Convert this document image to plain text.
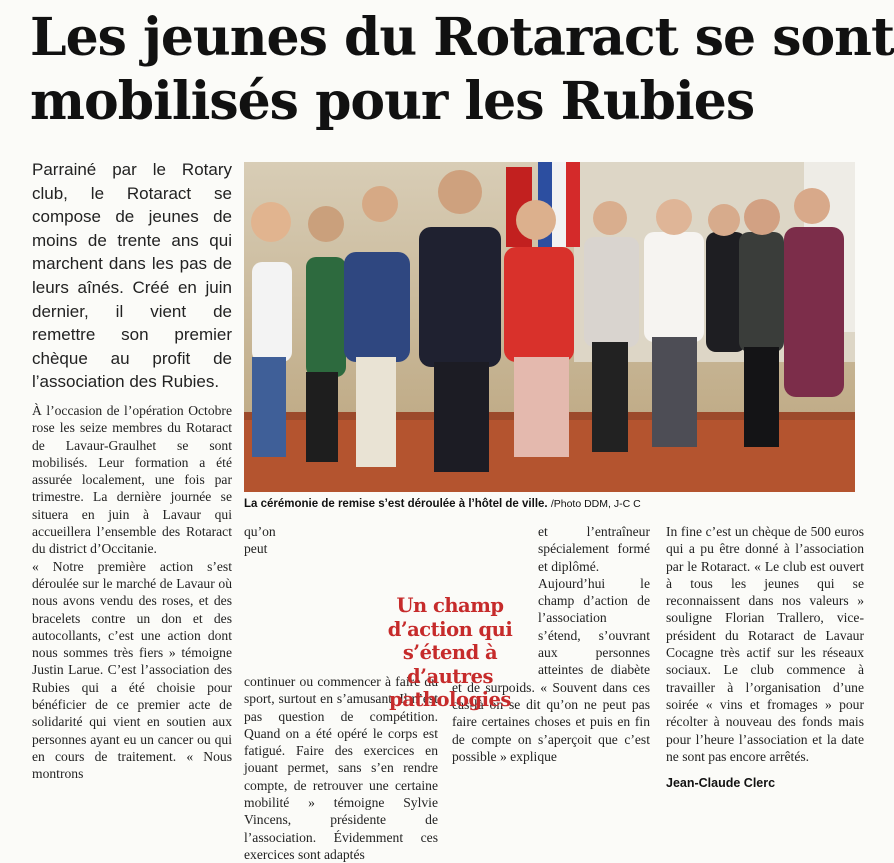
Les jeunes du Rotaract se sont
mobilisés pour les Rubies

Parrainé par le Rotary club, le Rotaract se compose de jeunes de moins de trente ans qui marchent dans les pas de leurs aînés. Créé en juin dernier, il vient de remettre son premier chèque au profit de l’association des Rubies.

La cérémonie de remise s’est déroulée à l’hôtel de ville. /Photo DDM, J-C C

À l’occasion de l’opération Octobre rose les seize membres du Rotaract de Lavaur-Graulhet se sont mobilisés. Leur formation a été assurée localement, une fois par trimestre. La dernière journée se situera en juin à Lavaur qui accueillera l’ensemble des Rotaract du district d’Occitanie.

« Notre première action s’est déroulée sur le marché de Lavaur où nous avons vendu des roses, et des bracelets contre un don et des autocollants, c’est une action dont nous sommes très fiers » témoigne Justin Larue. C’est l’association des Rubies qui a été choisie pour bénéficier de ce premier acte de solidarité qui vient en soutien aux personnes ayant eu un cancer ou qui en cours de traitement. « Nous montrons

qu’on peut continuer ou commencer à faire du sport, surtout en s’amusant. Il n’est pas question de compétition. Quand on a été opéré le corps est fatigué. Faire des exercices en jouant permet, sans s’en rendre compte, de retrouver une certaine mobilité » témoigne Sylvie Vincens, présidente de l’association. Évidemment ces exercices sont adaptés

et l’entraîneur spécialement formé et diplômé.

Aujourd’hui le champ d’action de l’association s’étend, s’ouvrant aux personnes atteintes de diabète et de surpoids. « Souvent dans ces cas-là on se dit qu’on ne peut pas faire certaines choses et puis en fin de compte on s’aperçoit que c’est possible » explique

In fine c’est un chèque de 500 euros qui a pu être donné à l’association par le Rotaract. « Le club est ouvert à tous les jeunes qui se reconnaissent dans nos valeurs » souligne Florian Trallero, vice-président du Rotaract de Lavaur Cocagne très actif sur les réseaux sociaux. Le club commence à travailler à l’organisation d’une soirée « vins et fromages » pour récolter à nouveau des fonds mais pour l’heure l’association et la date ne sont pas encore arrêtés.

Un champ d’action qui s’étend à d’autres pathologies

Jean-Claude Clerc
